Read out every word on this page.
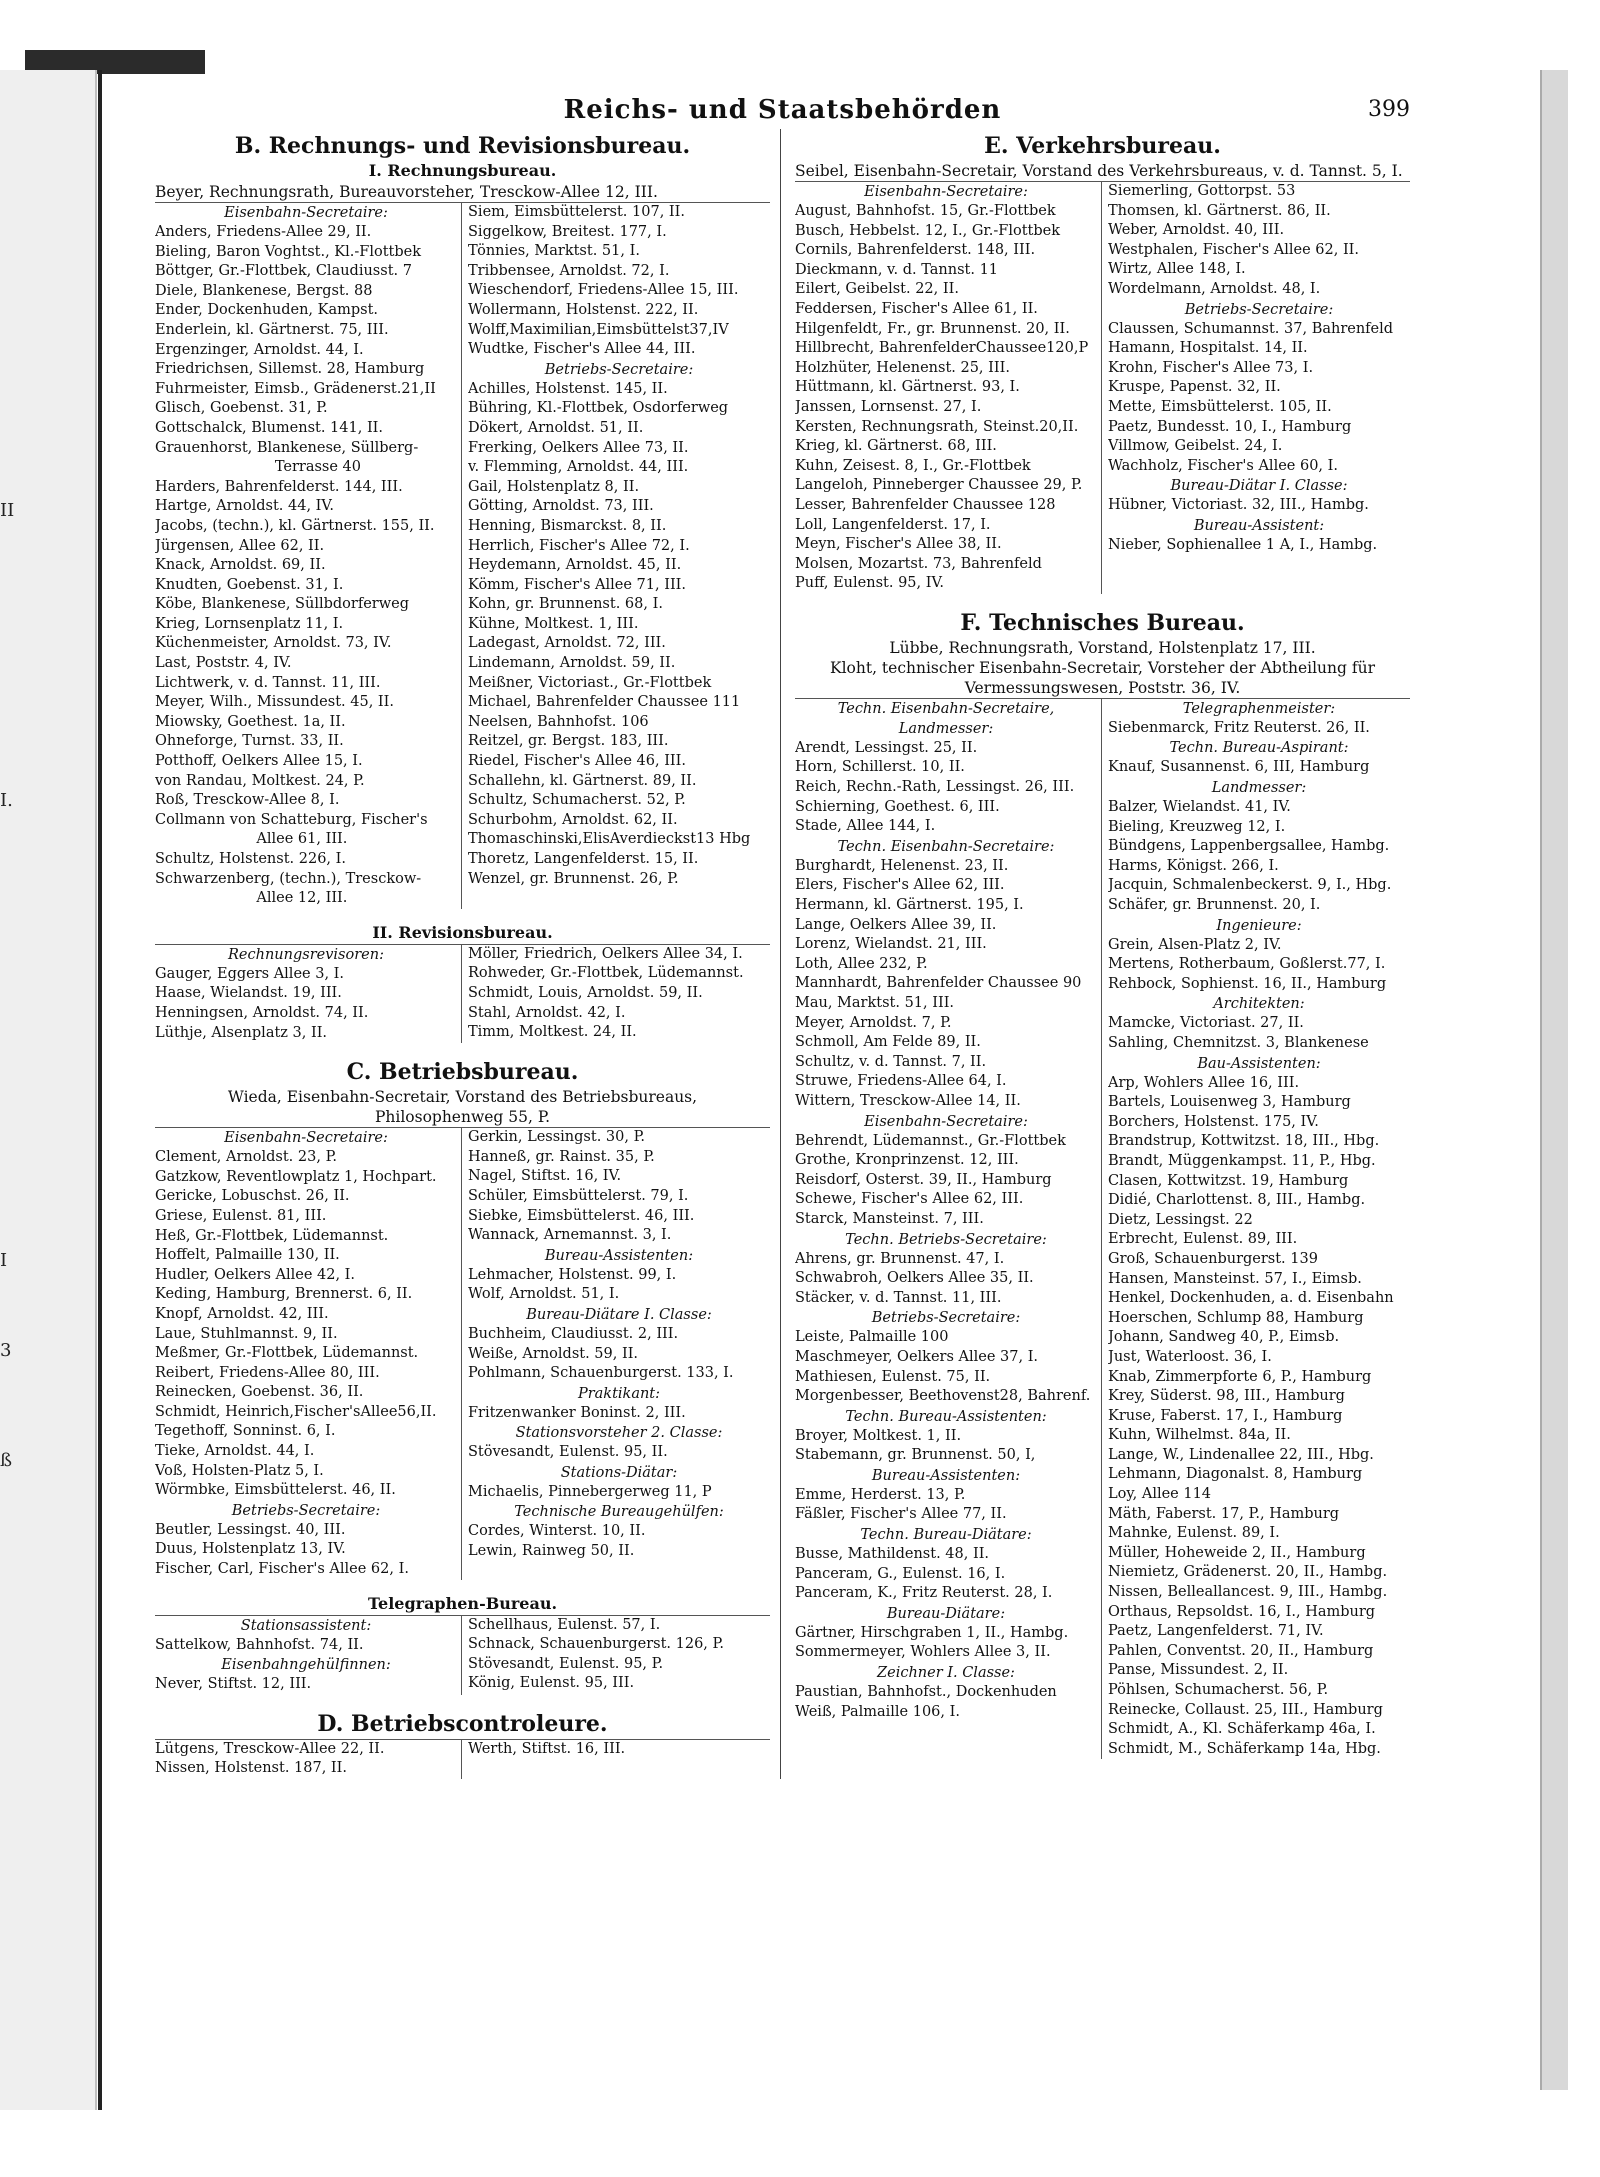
II
I.
I
3
ß
Reichs- und Staatsbehörden	399
B. Rechnungs- und Revisionsbureau.
I. Rechnungsbureau.
Beyer, Rechnungsrath, Bureauvorsteher, Tresckow-Allee 12, III.
Eisenbahn-Secretaire:
Anders, Friedens-Allee 29, II.
Bieling, Baron Voghtst., Kl.-Flottbek
Böttger, Gr.-Flottbek, Claudiusst. 7
Diele, Blankenese, Bergst. 88
Ender, Dockenhuden, Kampst.
Enderlein, kl. Gärtnerst. 75, III.
Ergenzinger, Arnoldst. 44, I.
Friedrichsen, Sillemst. 28, Hamburg
Fuhrmeister, Eimsb., Grädenerst.21,II
Glisch, Goebenst. 31, P.
Gottschalck, Blumenst. 141, II.
Grauenhorst, Blankenese, Süllberg-
Terrasse 40
Harders, Bahrenfelderst. 144, III.
Hartge, Arnoldst. 44, IV.
Jacobs, (techn.), kl. Gärtnerst. 155, II.
Jürgensen, Allee 62, II.
Knack, Arnoldst. 69, II.
Knudten, Goebenst. 31, I.
Köbe, Blankenese, Süllbdorferweg
Krieg, Lornsenplatz 11, I.
Küchenmeister, Arnoldst. 73, IV.
Last, Poststr. 4, IV.
Lichtwerk, v. d. Tannst. 11, III.
Meyer, Wilh., Missundest. 45, II.
Miowsky, Goethest. 1a, II.
Ohneforge, Turnst. 33, II.
Potthoff, Oelkers Allee 15, I.
von Randau, Moltkest. 24, P.
Roß, Tresckow-Allee 8, I.
Collmann von Schatteburg, Fischer's
Allee 61, III.
Schultz, Holstenst. 226, I.
Schwarzenberg, (techn.), Tresckow-
Allee 12, III.
Siem, Eimsbüttelerst. 107, II.
Siggelkow, Breitest. 177, I.
Tönnies, Marktst. 51, I.
Tribbensee, Arnoldst. 72, I.
Wieschendorf, Friedens-Allee 15, III.
Wollermann, Holstenst. 222, II.
Wolff,Maximilian,Eimsbüttelst37,IV
Wudtke, Fischer's Allee 44, III.
Betriebs-Secretaire:
Achilles, Holstenst. 145, II.
Bühring, Kl.-Flottbek, Osdorferweg
Dökert, Arnoldst. 51, II.
Frerking, Oelkers Allee 73, II.
v. Flemming, Arnoldst. 44, III.
Gail, Holstenplatz 8, II.
Götting, Arnoldst. 73, III.
Henning, Bismarckst. 8, II.
Herrlich, Fischer's Allee 72, I.
Heydemann, Arnoldst. 45, II.
Kömm, Fischer's Allee 71, III.
Kohn, gr. Brunnenst. 68, I.
Kühne, Moltkest. 1, III.
Ladegast, Arnoldst. 72, III.
Lindemann, Arnoldst. 59, II.
Meißner, Victoriast., Gr.-Flottbek
Michael, Bahrenfelder Chaussee 111
Neelsen, Bahnhofst. 106
Reitzel, gr. Bergst. 183, III.
Riedel, Fischer's Allee 46, III.
Schallehn, kl. Gärtnerst. 89, II.
Schultz, Schumacherst. 52, P.
Schurbohm, Arnoldst. 62, II.
Thomaschinski,ElisAverdieckst13 Hbg
Thoretz, Langenfelderst. 15, II.
Wenzel, gr. Brunnenst. 26, P.
II. Revisionsbureau.
Rechnungsrevisoren:
Gauger, Eggers Allee 3, I.
Haase, Wielandst. 19, III.
Henningsen, Arnoldst. 74, II.
Lüthje, Alsenplatz 3, II.
Möller, Friedrich, Oelkers Allee 34, I.
Rohweder, Gr.-Flottbek, Lüdemannst.
Schmidt, Louis, Arnoldst. 59, II.
Stahl, Arnoldst. 42, I.
Timm, Moltkest. 24, II.
C. Betriebsbureau.
Wieda, Eisenbahn-Secretair, Vorstand des Betriebsbureaus,
Philosophenweg 55, P.
Eisenbahn-Secretaire:
Clement, Arnoldst. 23, P.
Gatzkow, Reventlowplatz 1, Hochpart.
Gericke, Lobuschst. 26, II.
Griese, Eulenst. 81, III.
Heß, Gr.-Flottbek, Lüdemannst.
Hoffelt, Palmaille 130, II.
Hudler, Oelkers Allee 42, I.
Keding, Hamburg, Brennerst. 6, II.
Knopf, Arnoldst. 42, III.
Laue, Stuhlmannst. 9, II.
Meßmer, Gr.-Flottbek, Lüdemannst.
Reibert, Friedens-Allee 80, III.
Reinecken, Goebenst. 36, II.
Schmidt, Heinrich,Fischer'sAllee56,II.
Tegethoff, Sonninst. 6, I.
Tieke, Arnoldst. 44, I.
Voß, Holsten-Platz 5, I.
Wörmbke, Eimsbüttelerst. 46, II.
Betriebs-Secretaire:
Beutler, Lessingst. 40, III.
Duus, Holstenplatz 13, IV.
Fischer, Carl, Fischer's Allee 62, I.
Gerkin, Lessingst. 30, P.
Hanneß, gr. Rainst. 35, P.
Nagel, Stiftst. 16, IV.
Schüler, Eimsbüttelerst. 79, I.
Siebke, Eimsbüttelerst. 46, III.
Wannack, Arnemannst. 3, I.
Bureau-Assistenten:
Lehmacher, Holstenst. 99, I.
Wolf, Arnoldst. 51, I.
Bureau-Diätare I. Classe:
Buchheim, Claudiusst. 2, III.
Weiße, Arnoldst. 59, II.
Pohlmann, Schauenburgerst. 133, I.
Praktikant:
Fritzenwanker Boninst. 2, III.
Stationsvorsteher 2. Classe:
Stövesandt, Eulenst. 95, II.
Stations-Diätar:
Michaelis, Pinnebergerweg 11, P
Technische Bureaugehülfen:
Cordes, Winterst. 10, II.
Lewin, Rainweg 50, II.
Telegraphen-Bureau.
Stationsassistent:
Sattelkow, Bahnhofst. 74, II.
Eisenbahngehülfinnen:
Never, Stiftst. 12, III.
Schellhaus, Eulenst. 57, I.
Schnack, Schauenburgerst. 126, P.
Stövesandt, Eulenst. 95, P.
König, Eulenst. 95, III.
D. Betriebscontroleure.
Lütgens, Tresckow-Allee 22, II.
Nissen, Holstenst. 187, II.
Werth, Stiftst. 16, III.
E. Verkehrsbureau.
Seibel, Eisenbahn-Secretair, Vorstand des Verkehrsbureaus, v. d. Tannst. 5, I.
Eisenbahn-Secretaire:
August, Bahnhofst. 15, Gr.-Flottbek
Busch, Hebbelst. 12, I., Gr.-Flottbek
Cornils, Bahrenfelderst. 148, III.
Dieckmann, v. d. Tannst. 11
Eilert, Geibelst. 22, II.
Feddersen, Fischer's Allee 61, II.
Hilgenfeldt, Fr., gr. Brunnenst. 20, II.
Hillbrecht, BahrenfelderChaussee120,P
Holzhüter, Helenenst. 25, III.
Hüttmann, kl. Gärtnerst. 93, I.
Janssen, Lornsenst. 27, I.
Kersten, Rechnungsrath, Steinst.20,II.
Krieg, kl. Gärtnerst. 68, III.
Kuhn, Zeisest. 8, I., Gr.-Flottbek
Langeloh, Pinneberger Chaussee 29, P.
Lesser, Bahrenfelder Chaussee 128
Loll, Langenfelderst. 17, I.
Meyn, Fischer's Allee 38, II.
Molsen, Mozartst. 73, Bahrenfeld
Puff, Eulenst. 95, IV.
Siemerling, Gottorpst. 53
Thomsen, kl. Gärtnerst. 86, II.
Weber, Arnoldst. 40, III.
Westphalen, Fischer's Allee 62, II.
Wirtz, Allee 148, I.
Wordelmann, Arnoldst. 48, I.
Betriebs-Secretaire:
Claussen, Schumannst. 37, Bahrenfeld
Hamann, Hospitalst. 14, II.
Krohn, Fischer's Allee 73, I.
Kruspe, Papenst. 32, II.
Mette, Eimsbüttelerst. 105, II.
Paetz, Bundesst. 10, I., Hamburg
Villmow, Geibelst. 24, I.
Wachholz, Fischer's Allee 60, I.
Bureau-Diätar I. Classe:
Hübner, Victoriast. 32, III., Hambg.
Bureau-Assistent:
Nieber, Sophienallee 1 A, I., Hambg.
F. Technisches Bureau.
Lübbe, Rechnungsrath, Vorstand, Holstenplatz 17, III.
Kloht, technischer Eisenbahn-Secretair, Vorsteher der Abtheilung für
Vermessungswesen, Poststr. 36, IV.
Techn. Eisenbahn-Secretaire,
Landmesser:
Arendt, Lessingst. 25, II.
Horn, Schillerst. 10, II.
Reich, Rechn.-Rath, Lessingst. 26, III.
Schierning, Goethest. 6, III.
Stade, Allee 144, I.
Techn. Eisenbahn-Secretaire:
Burghardt, Helenenst. 23, II.
Elers, Fischer's Allee 62, III.
Hermann, kl. Gärtnerst. 195, I.
Lange, Oelkers Allee 39, II.
Lorenz, Wielandst. 21, III.
Loth, Allee 232, P.
Mannhardt, Bahrenfelder Chaussee 90
Mau, Marktst. 51, III.
Meyer, Arnoldst. 7, P.
Schmoll, Am Felde 89, II.
Schultz, v. d. Tannst. 7, II.
Struwe, Friedens-Allee 64, I.
Wittern, Tresckow-Allee 14, II.
Eisenbahn-Secretaire:
Behrendt, Lüdemannst., Gr.-Flottbek
Grothe, Kronprinzenst. 12, III.
Reisdorf, Osterst. 39, II., Hamburg
Schewe, Fischer's Allee 62, III.
Starck, Mansteinst. 7, III.
Techn. Betriebs-Secretaire:
Ahrens, gr. Brunnenst. 47, I.
Schwabroh, Oelkers Allee 35, II.
Stäcker, v. d. Tannst. 11, III.
Betriebs-Secretaire:
Leiste, Palmaille 100
Maschmeyer, Oelkers Allee 37, I.
Mathiesen, Eulenst. 75, II.
Morgenbesser, Beethovenst28, Bahrenf.
Techn. Bureau-Assistenten:
Broyer, Moltkest. 1, II.
Stabemann, gr. Brunnenst. 50, I,
Bureau-Assistenten:
Emme, Herderst. 13, P.
Fäßler, Fischer's Allee 77, II.
Techn. Bureau-Diätare:
Busse, Mathildenst. 48, II.
Panceram, G., Eulenst. 16, I.
Panceram, K., Fritz Reuterst. 28, I.
Bureau-Diätare:
Gärtner, Hirschgraben 1, II., Hambg.
Sommermeyer, Wohlers Allee 3, II.
Zeichner I. Classe:
Paustian, Bahnhofst., Dockenhuden
Weiß, Palmaille 106, I.
Telegraphenmeister:
Siebenmarck, Fritz Reuterst. 26, II.
Techn. Bureau-Aspirant:
Knauf, Susannenst. 6, III, Hamburg
Landmesser:
Balzer, Wielandst. 41, IV.
Bieling, Kreuzweg 12, I.
Bündgens, Lappenbergsallee, Hambg.
Harms, Königst. 266, I.
Jacquin, Schmalenbeckerst. 9, I., Hbg.
Schäfer, gr. Brunnenst. 20, I.
Ingenieure:
Grein, Alsen-Platz 2, IV.
Mertens, Rotherbaum, Goßlerst.77, I.
Rehbock, Sophienst. 16, II., Hamburg
Architekten:
Mamcke, Victoriast. 27, II.
Sahling, Chemnitzst. 3, Blankenese
Bau-Assistenten:
Arp, Wohlers Allee 16, III.
Bartels, Louisenweg 3, Hamburg
Borchers, Holstenst. 175, IV.
Brandstrup, Kottwitzst. 18, III., Hbg.
Brandt, Müggenkampst. 11, P., Hbg.
Clasen, Kottwitzst. 19, Hamburg
Didié, Charlottenst. 8, III., Hambg.
Dietz, Lessingst. 22
Erbrecht, Eulenst. 89, III.
Groß, Schauenburgerst. 139
Hansen, Mansteinst. 57, I., Eimsb.
Henkel, Dockenhuden, a. d. Eisenbahn
Hoerschen, Schlump 88, Hamburg
Johann, Sandweg 40, P., Eimsb.
Just, Waterloost. 36, I.
Knab, Zimmerpforte 6, P., Hamburg
Krey, Süderst. 98, III., Hamburg
Kruse, Faberst. 17, I., Hamburg
Kuhn, Wilhelmst. 84a, II.
Lange, W., Lindenallee 22, III., Hbg.
Lehmann, Diagonalst. 8, Hamburg
Loy, Allee 114
Mäth, Faberst. 17, P., Hamburg
Mahnke, Eulenst. 89, I.
Müller, Hoheweide 2, II., Hamburg
Niemietz, Grädenerst. 20, II., Hambg.
Nissen, Belleallancest. 9, III., Hambg.
Orthaus, Repsoldst. 16, I., Hamburg
Paetz, Langenfelderst. 71, IV.
Pahlen, Conventst. 20, II., Hamburg
Panse, Missundest. 2, II.
Pöhlsen, Schumacherst. 56, P.
Reinecke, Collaust. 25, III., Hamburg
Schmidt, A., Kl. Schäferkamp 46a, I.
Schmidt, M., Schäferkamp 14a, Hbg.
